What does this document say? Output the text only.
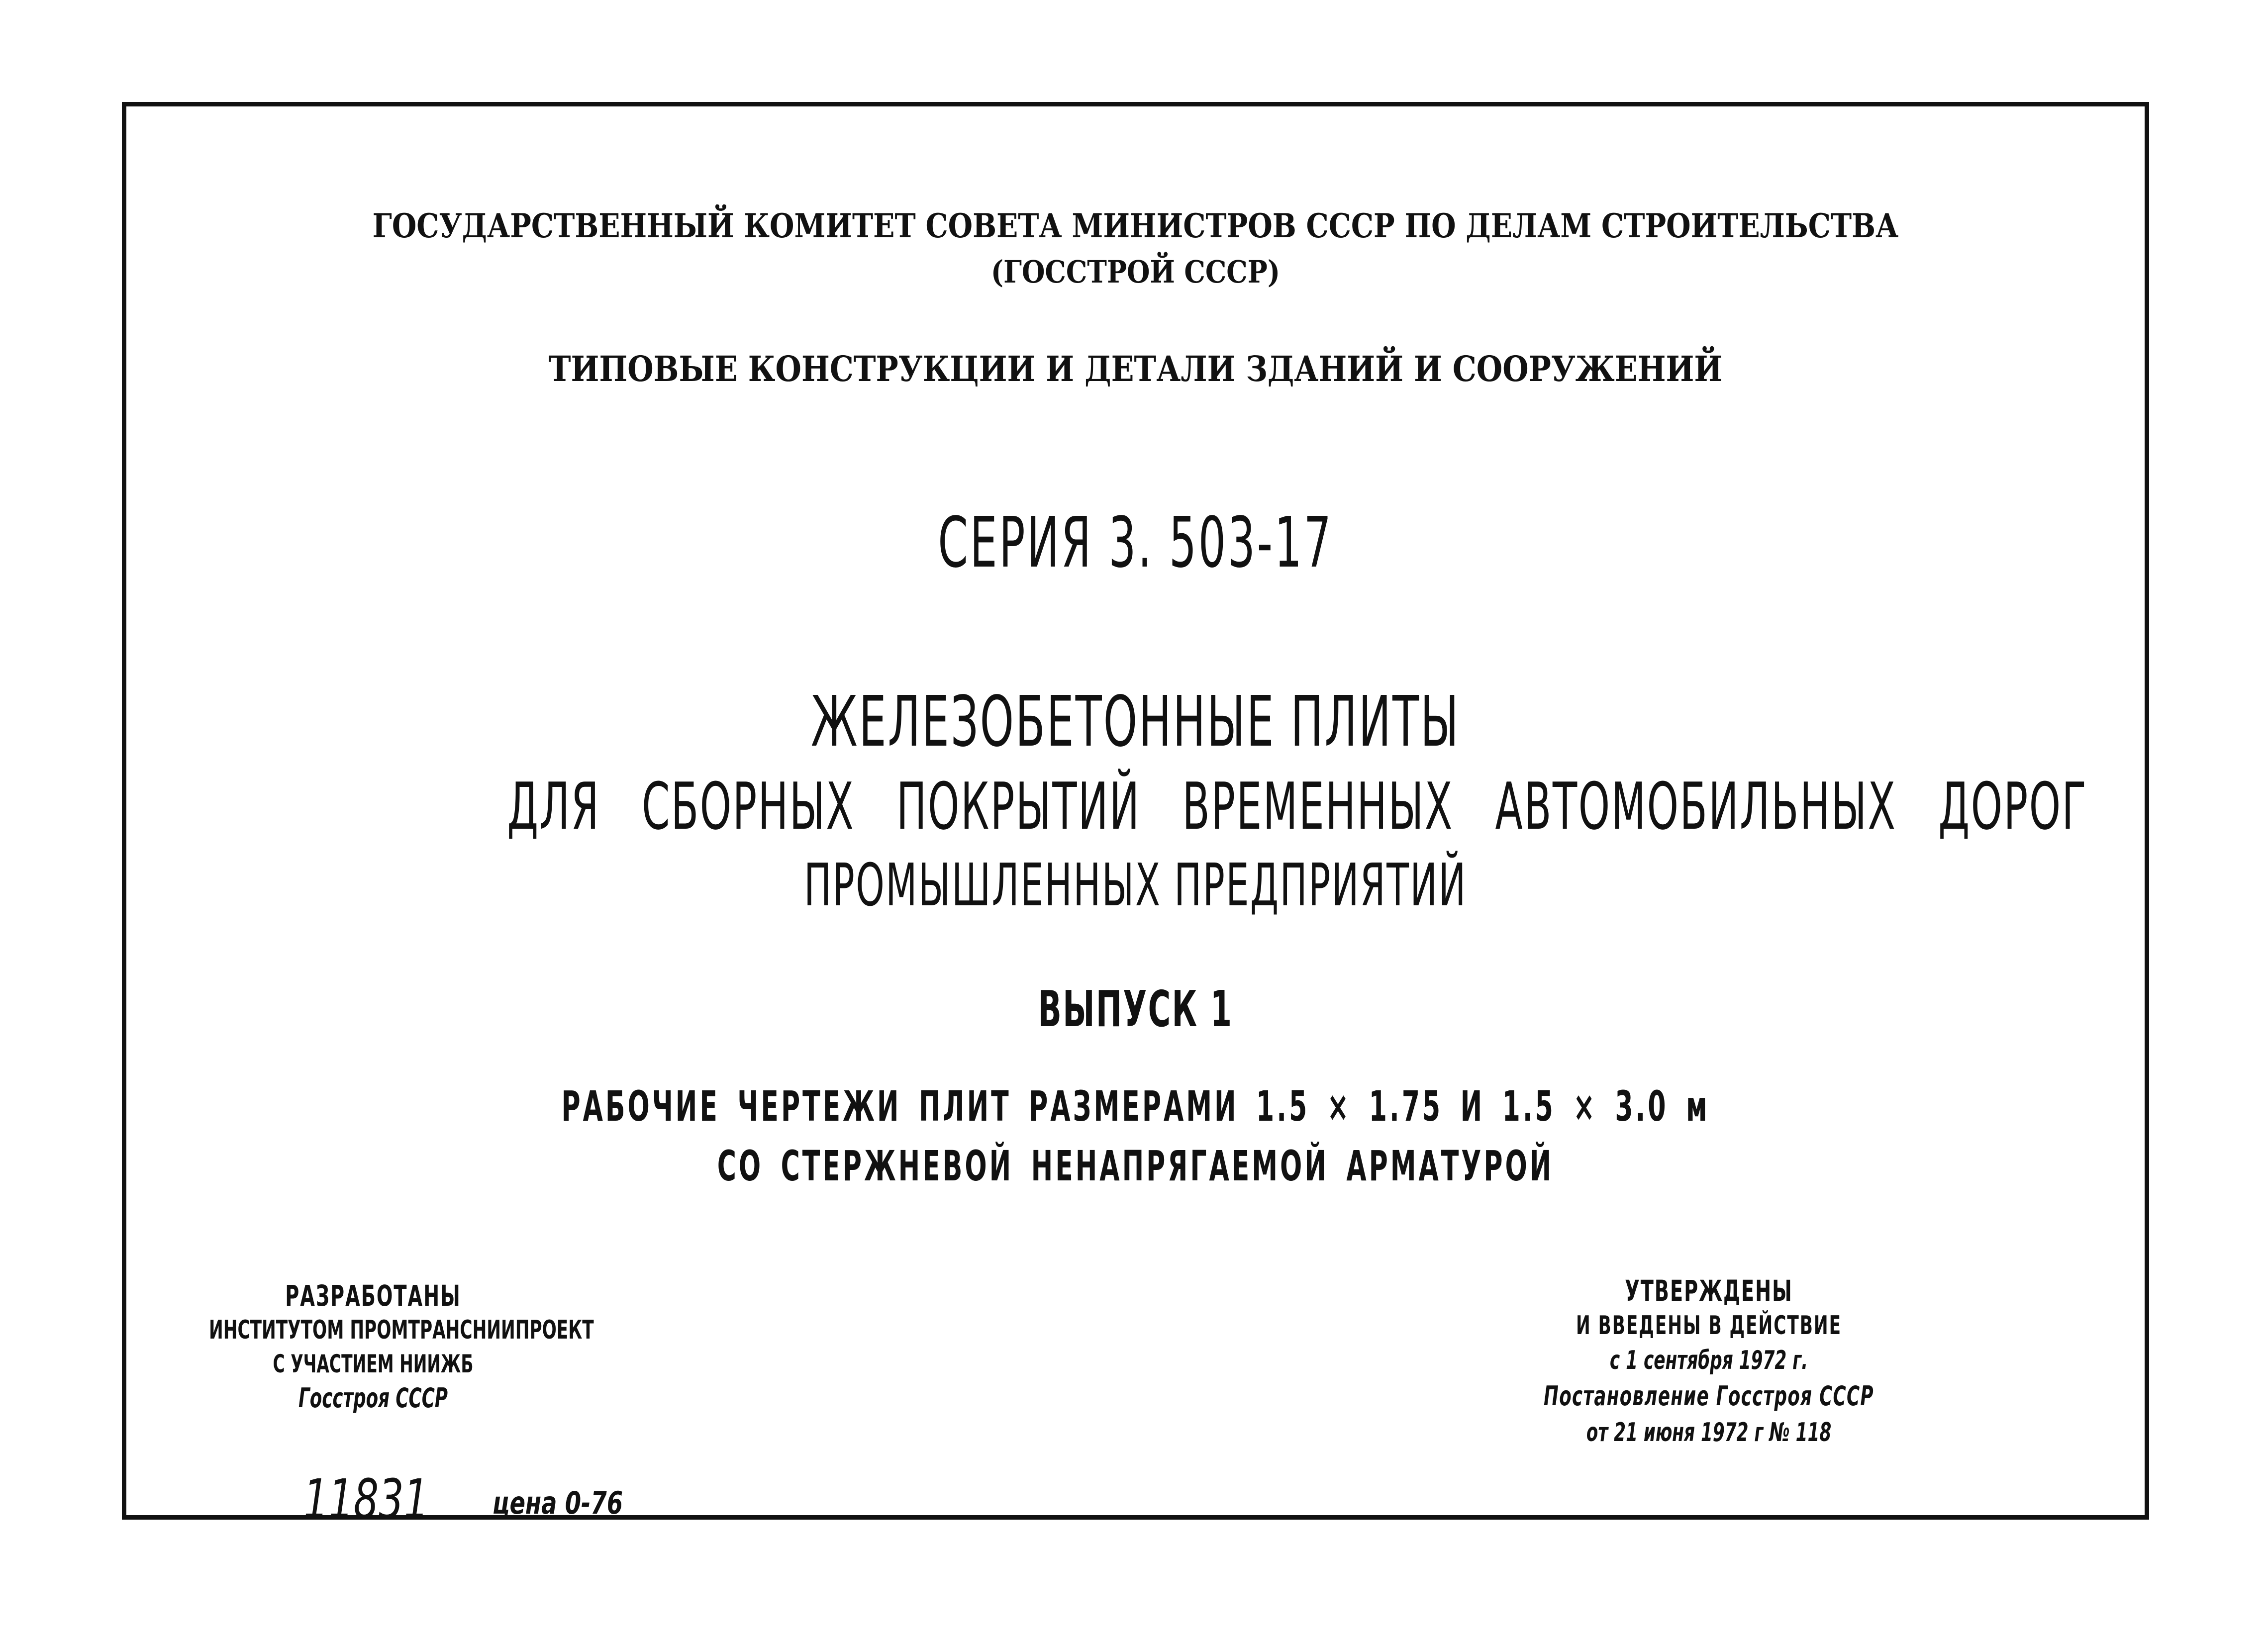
ГОСУДАРСТВЕННЫЙ КОМИТЕТ СОВЕТА МИНИСТРОВ СССР ПО ДЕЛАМ СТРОИТЕЛЬСТВА

(ГОССТРОЙ СССР)

ТИПОВЫЕ КОНСТРУКЦИИ И ДЕТАЛИ ЗДАНИЙ И СООРУЖЕНИЙ

СЕРИЯ 3. 503-17

ЖЕЛЕЗОБЕТОННЫЕ ПЛИТЫ

ДЛЯ СБОРНЫХ ПОКРЫТИЙ ВРЕМЕННЫХ АВТОМОБИЛЬНЫХ ДОРОГ

ПРОМЫШЛЕННЫХ ПРЕДПРИЯТИЙ

ВЫПУСК 1

РАБОЧИЕ ЧЕРТЕЖИ ПЛИТ РАЗМЕРАМИ 1.5 × 1.75 И 1.5 × 3.0 м

СО СТЕРЖНЕВОЙ НЕНАПРЯГАЕМОЙ АРМАТУРОЙ

РАЗРАБОТАНЫ

ИНСТИТУТОМ ПРОМТРАНСНИИПРОЕКТ

С УЧАСТИЕМ НИИЖБ

Госстроя СССР

УТВЕРЖДЕНЫ

И ВВЕДЕНЫ В ДЕЙСТВИЕ

с 1 сентября 1972 г.

Постановление Госстроя СССР

от 21 июня 1972 г № 118

11831 цена 0-76
